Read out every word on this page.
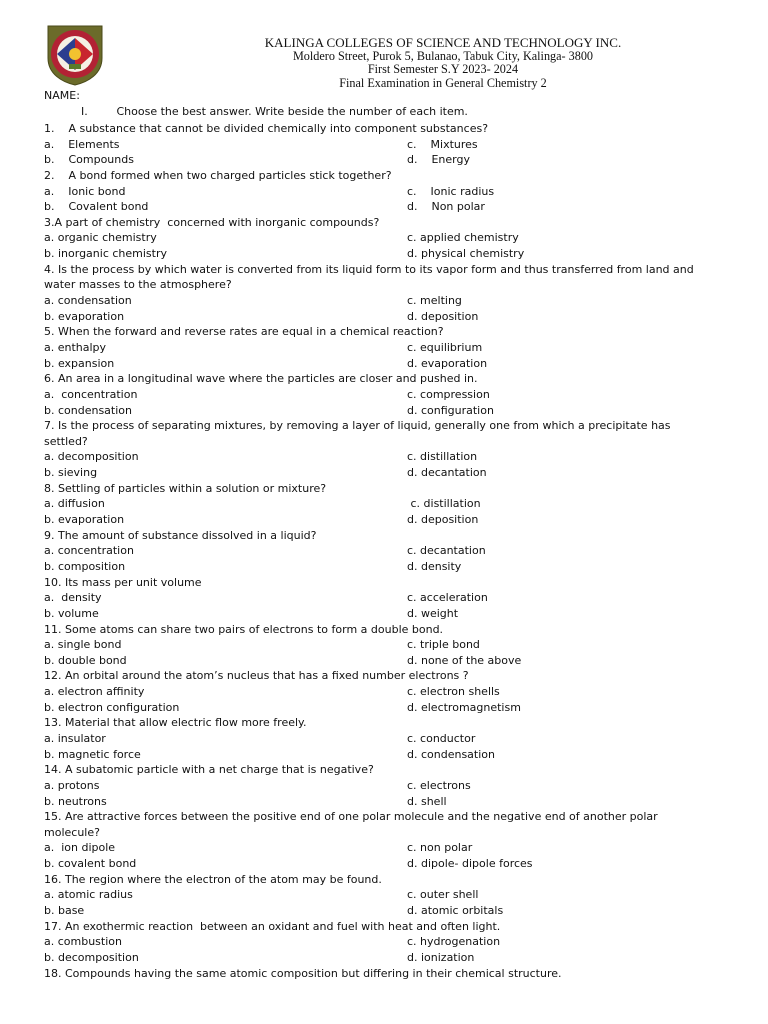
KALINGA COLLEGES OF SCIENCE AND TECHNOLOGY INC.
Moldero Street, Purok 5, Bulanao, Tabuk City, Kalinga- 3800
First Semester S.Y 2023- 2024
Final Examination in General Chemistry 2
NAME:
I.	Choose the best answer. Write beside the number of each item.
1.    A substance that cannot be divided chemically into component substances?
a.    Elements	c.    Mixtures
b.    Compounds	d.    Energy
2.    A bond formed when two charged particles stick together?
a.    Ionic bond	c.    Ionic radius
b.    Covalent bond	d.    Non polar
3.A part of chemistry  concerned with inorganic compounds?
a. organic chemistry	c. applied chemistry
b. inorganic chemistry	d. physical chemistry
4. Is the process by which water is converted from its liquid form to its vapor form and thus transferred from land and
water masses to the atmosphere?
a. condensation	c. melting
b. evaporation	d. deposition
5. When the forward and reverse rates are equal in a chemical reaction?
a. enthalpy	c. equilibrium
b. expansion	d. evaporation
6. An area in a longitudinal wave where the particles are closer and pushed in.
a.  concentration	c. compression
b. condensation	d. configuration
7. Is the process of separating mixtures, by removing a layer of liquid, generally one from which a precipitate has
settled?
a. decomposition	c. distillation
b. sieving	d. decantation
8. Settling of particles within a solution or mixture?
a. diffusion	c. distillation
b. evaporation	d. deposition
9. The amount of substance dissolved in a liquid?
a. concentration	c. decantation
b. composition	d. density
10. Its mass per unit volume
a.  density	c. acceleration
b. volume	d. weight
11. Some atoms can share two pairs of electrons to form a double bond.
a. single bond	c. triple bond
b. double bond	d. none of the above
12. An orbital around the atom’s nucleus that has a fixed number electrons ?
a. electron affinity	c. electron shells
b. electron configuration	d. electromagnetism
13. Material that allow electric flow more freely.
a. insulator	c. conductor
b. magnetic force	d. condensation
14. A subatomic particle with a net charge that is negative?
a. protons	c. electrons
b. neutrons	d. shell
15. Are attractive forces between the positive end of one polar molecule and the negative end of another polar
molecule?
a.  ion dipole	c. non polar
b. covalent bond	d. dipole- dipole forces
16. The region where the electron of the atom may be found.
a. atomic radius	c. outer shell
b. base	d. atomic orbitals
17. An exothermic reaction  between an oxidant and fuel with heat and often light.
a. combustion	c. hydrogenation
b. decomposition	d. ionization
18. Compounds having the same atomic composition but differing in their chemical structure.
